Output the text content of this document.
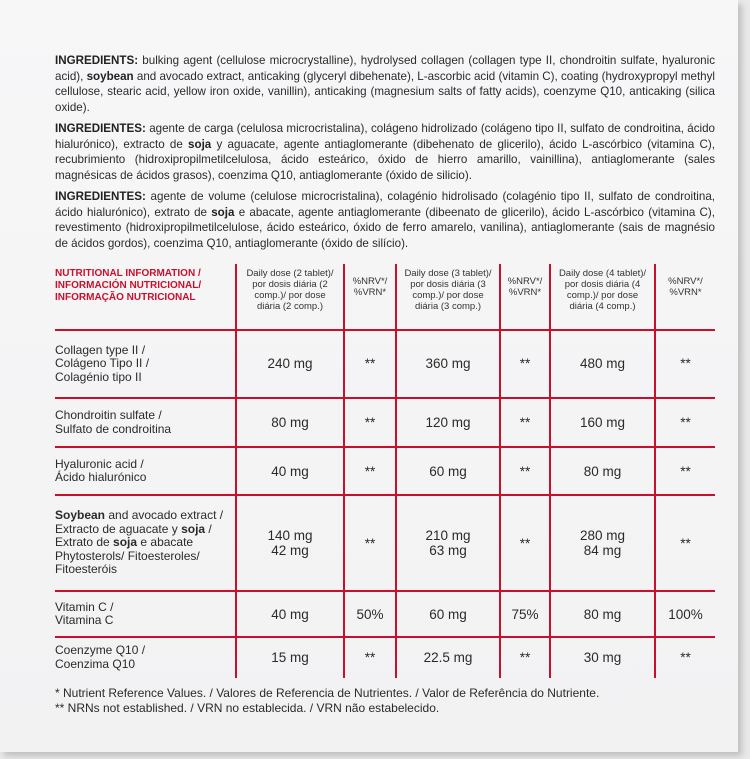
INGREDIENTS: bulking agent (cellulose microcrystalline), hydrolysed collagen (collagen type II, chondroitin sulfate, hyaluronic acid), soybean and avocado extract, anticaking (glyceryl dibehenate), L-ascorbic acid (vitamin C), coating (hydroxypropyl methyl cellulose, stearic acid, yellow iron oxide, vanillin), anticaking (magnesium salts of fatty acids), coenzyme Q10, anticaking (silica oxide).

INGREDIENTES: agente de carga (celulosa microcristalina), colágeno hidrolizado (colágeno tipo II, sulfato de condroitina, ácido hialurónico), extracto de soja y aguacate, agente antiaglomerante (dibehenato de glicerilo), ácido L-ascórbico (vitamina C), recubrimiento (hidroxipropilmetilcelulosa, ácido esteárico, óxido de hierro amarillo, vainillina), antiaglomerante (sales magnésicas de ácidos grasos), coenzima Q10, antiaglomerante (óxido de silicio).

INGREDIENTES: agente de volume (celulose microcristalina), colagénio hidrolisado (colagénio tipo II, sulfato de condroitina, ácido hialurónico), extrato de soja e abacate, agente antiaglomerante (dibeenato de glicerilo), ácido L-ascórbico (vitamina C), revestimento (hidroxipropilmetilcelulose, ácido esteárico, óxido de ferro amarelo, vanilina), antiaglomerante (sais de magnésio de ácidos gordos), coenzima Q10, antiaglomerante (óxido de silício).

NUTRITIONAL INFORMATION /
INFORMACIÓN NUTRICIONAL/
INFORMAÇÃO NUTRICIONAL	Daily dose (2 tablet)/
por dosis diária (2
comp.)/ por dose
diária (2 comp.)	%NRV*/
%VRN*	Daily dose (3 tablet)/
por dosis diária (3
comp.)/ por dose
diária (3 comp.)	%NRV*/
%VRN*	Daily dose (4 tablet)/
por dosis diária (4
comp.)/ por dose
diária (4 comp.)	%NRV*/
%VRN*

Collagen type II /
Colágeno Tipo II /
Colagénio tipo II	240 mg	**	360 mg	**	480 mg	**

Chondroitin sulfate /
Sulfato de condroitina	80 mg	**	120 mg	**	160 mg	**

Hyaluronic acid /
Ácido hialurónico	40 mg	**	60 mg	**	80 mg	**

Soybean and avocado extract /
Extracto de aguacate y soja /
Extrato de soja e abacate
Phytosterols/ Fitoesteroles/
Fitoesteróis	140 mg
42 mg	**	210 mg
63 mg	**	280 mg
84 mg	**

Vitamin C /
Vitamina C	40 mg	50%	60 mg	75%	80 mg	100%

Coenzyme Q10 /
Coenzima Q10	15 mg	**	22.5 mg	**	30 mg	**
* Nutrient Reference Values. / Valores de Referencia de Nutrientes. / Valor de Referência do Nutriente.
** NRNs not established. / VRN no establecida. / VRN não estabelecido.
